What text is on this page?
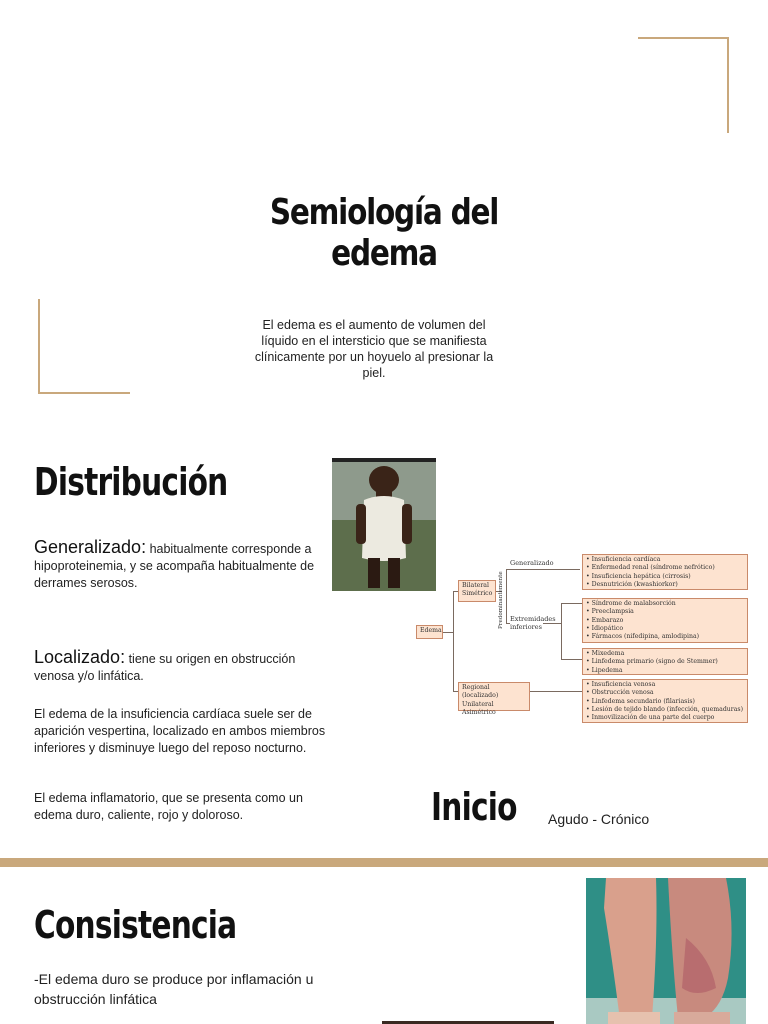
Semiología del edema

El edema es el aumento de volumen del líquido en el intersticio que se manifiesta clínicamente por un hoyuelo al presionar la piel.

Distribución
Generalizado: habitualmente corresponde a hipoproteinemia, y se acompaña habitualmente de derrames serosos.
Localizado: tiene su origen en obstrucción venosa y/o linfática.

El edema de la insuficiencia cardíaca suele ser de aparición vespertina, localizado en ambos miembros inferiores y disminuye luego del reposo nocturno.

El edema inflamatorio, que se presenta como un edema duro, caliente, rojo y doloroso.

Edema
Bilateral
Simétrico
Regional (localizado)
Unilateral
Asimétrico
Predominantemente
Generalizado
Extremidades
inferiores
• Insuficiencia cardíaca
• Enfermedad renal (síndrome nefrótico)
• Insuficiencia hepática (cirrosis)
• Desnutrición (kwashiorkor)
• Síndrome de malabsorción
• Preeclampsia
• Embarazo
• Idiopático
• Fármacos (nifedipina, amlodipina)
• Mixedema
• Linfedema primario (signo de Stemmer)
• Lipedema
• Insuficiencia venosa
• Obstrucción venosa
• Linfedema secundario (filariasis)
• Lesión de tejido blando (infección, quemaduras)
• Inmovilización de una parte del cuerpo
Inicio Agudo - Crónico
Consistencia

-El edema duro se produce por inflamación u obstrucción linfática
